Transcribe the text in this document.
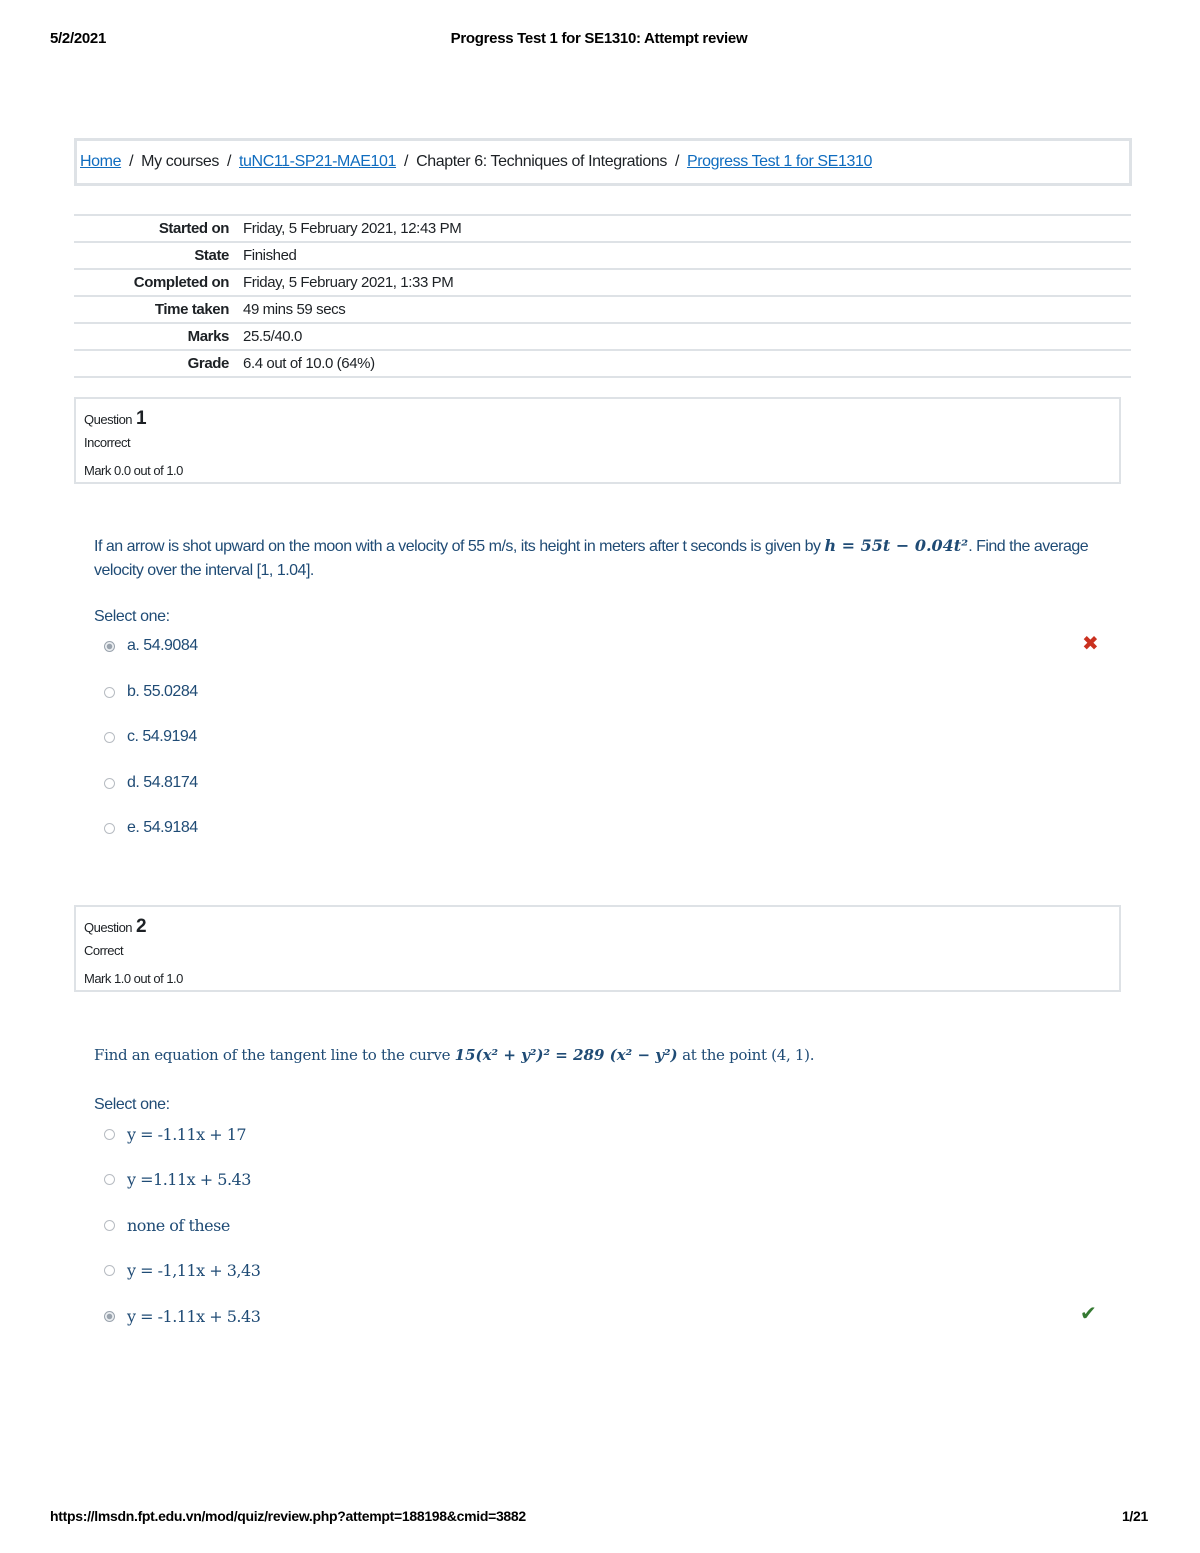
5/2/2021	Progress Test 1 for SE1310: Attempt review
Home / My courses / tuNC11-SP21-MAE101 / Chapter 6: Techniques of Integrations / Progress Test 1 for SE1310
Started on	Friday, 5 February 2021, 12:43 PM
State	Finished
Completed on	Friday, 5 February 2021, 1:33 PM
Time taken	49 mins 59 secs
Marks	25.5/40.0
Grade	6.4 out of 10.0 (64%)
Question 1
Incorrect
Mark 0.0 out of 1.0
If an arrow is shot upward on the moon with a velocity of 55 m/s, its height in meters after t seconds is given by h = 55t − 0.04t². Find the average velocity over the interval [1, 1.04].
Select one:
a. 54.9084
b. 55.0284
c. 54.9194
d. 54.8174
e. 54.9184
✖
Question 2
Correct
Mark 1.0 out of 1.0
Find an equation of the tangent line to the curve 15(x² + y²)² = 289 (x² − y²) at the point (4, 1).
Select one:
y = -1.11x + 17
y =1.11x + 5.43
none of these
y = -1,11x + 3,43
y = -1.11x + 5.43	✔
https://lmsdn.fpt.edu.vn/mod/quiz/review.php?attempt=188198&cmid=3882	1/21
